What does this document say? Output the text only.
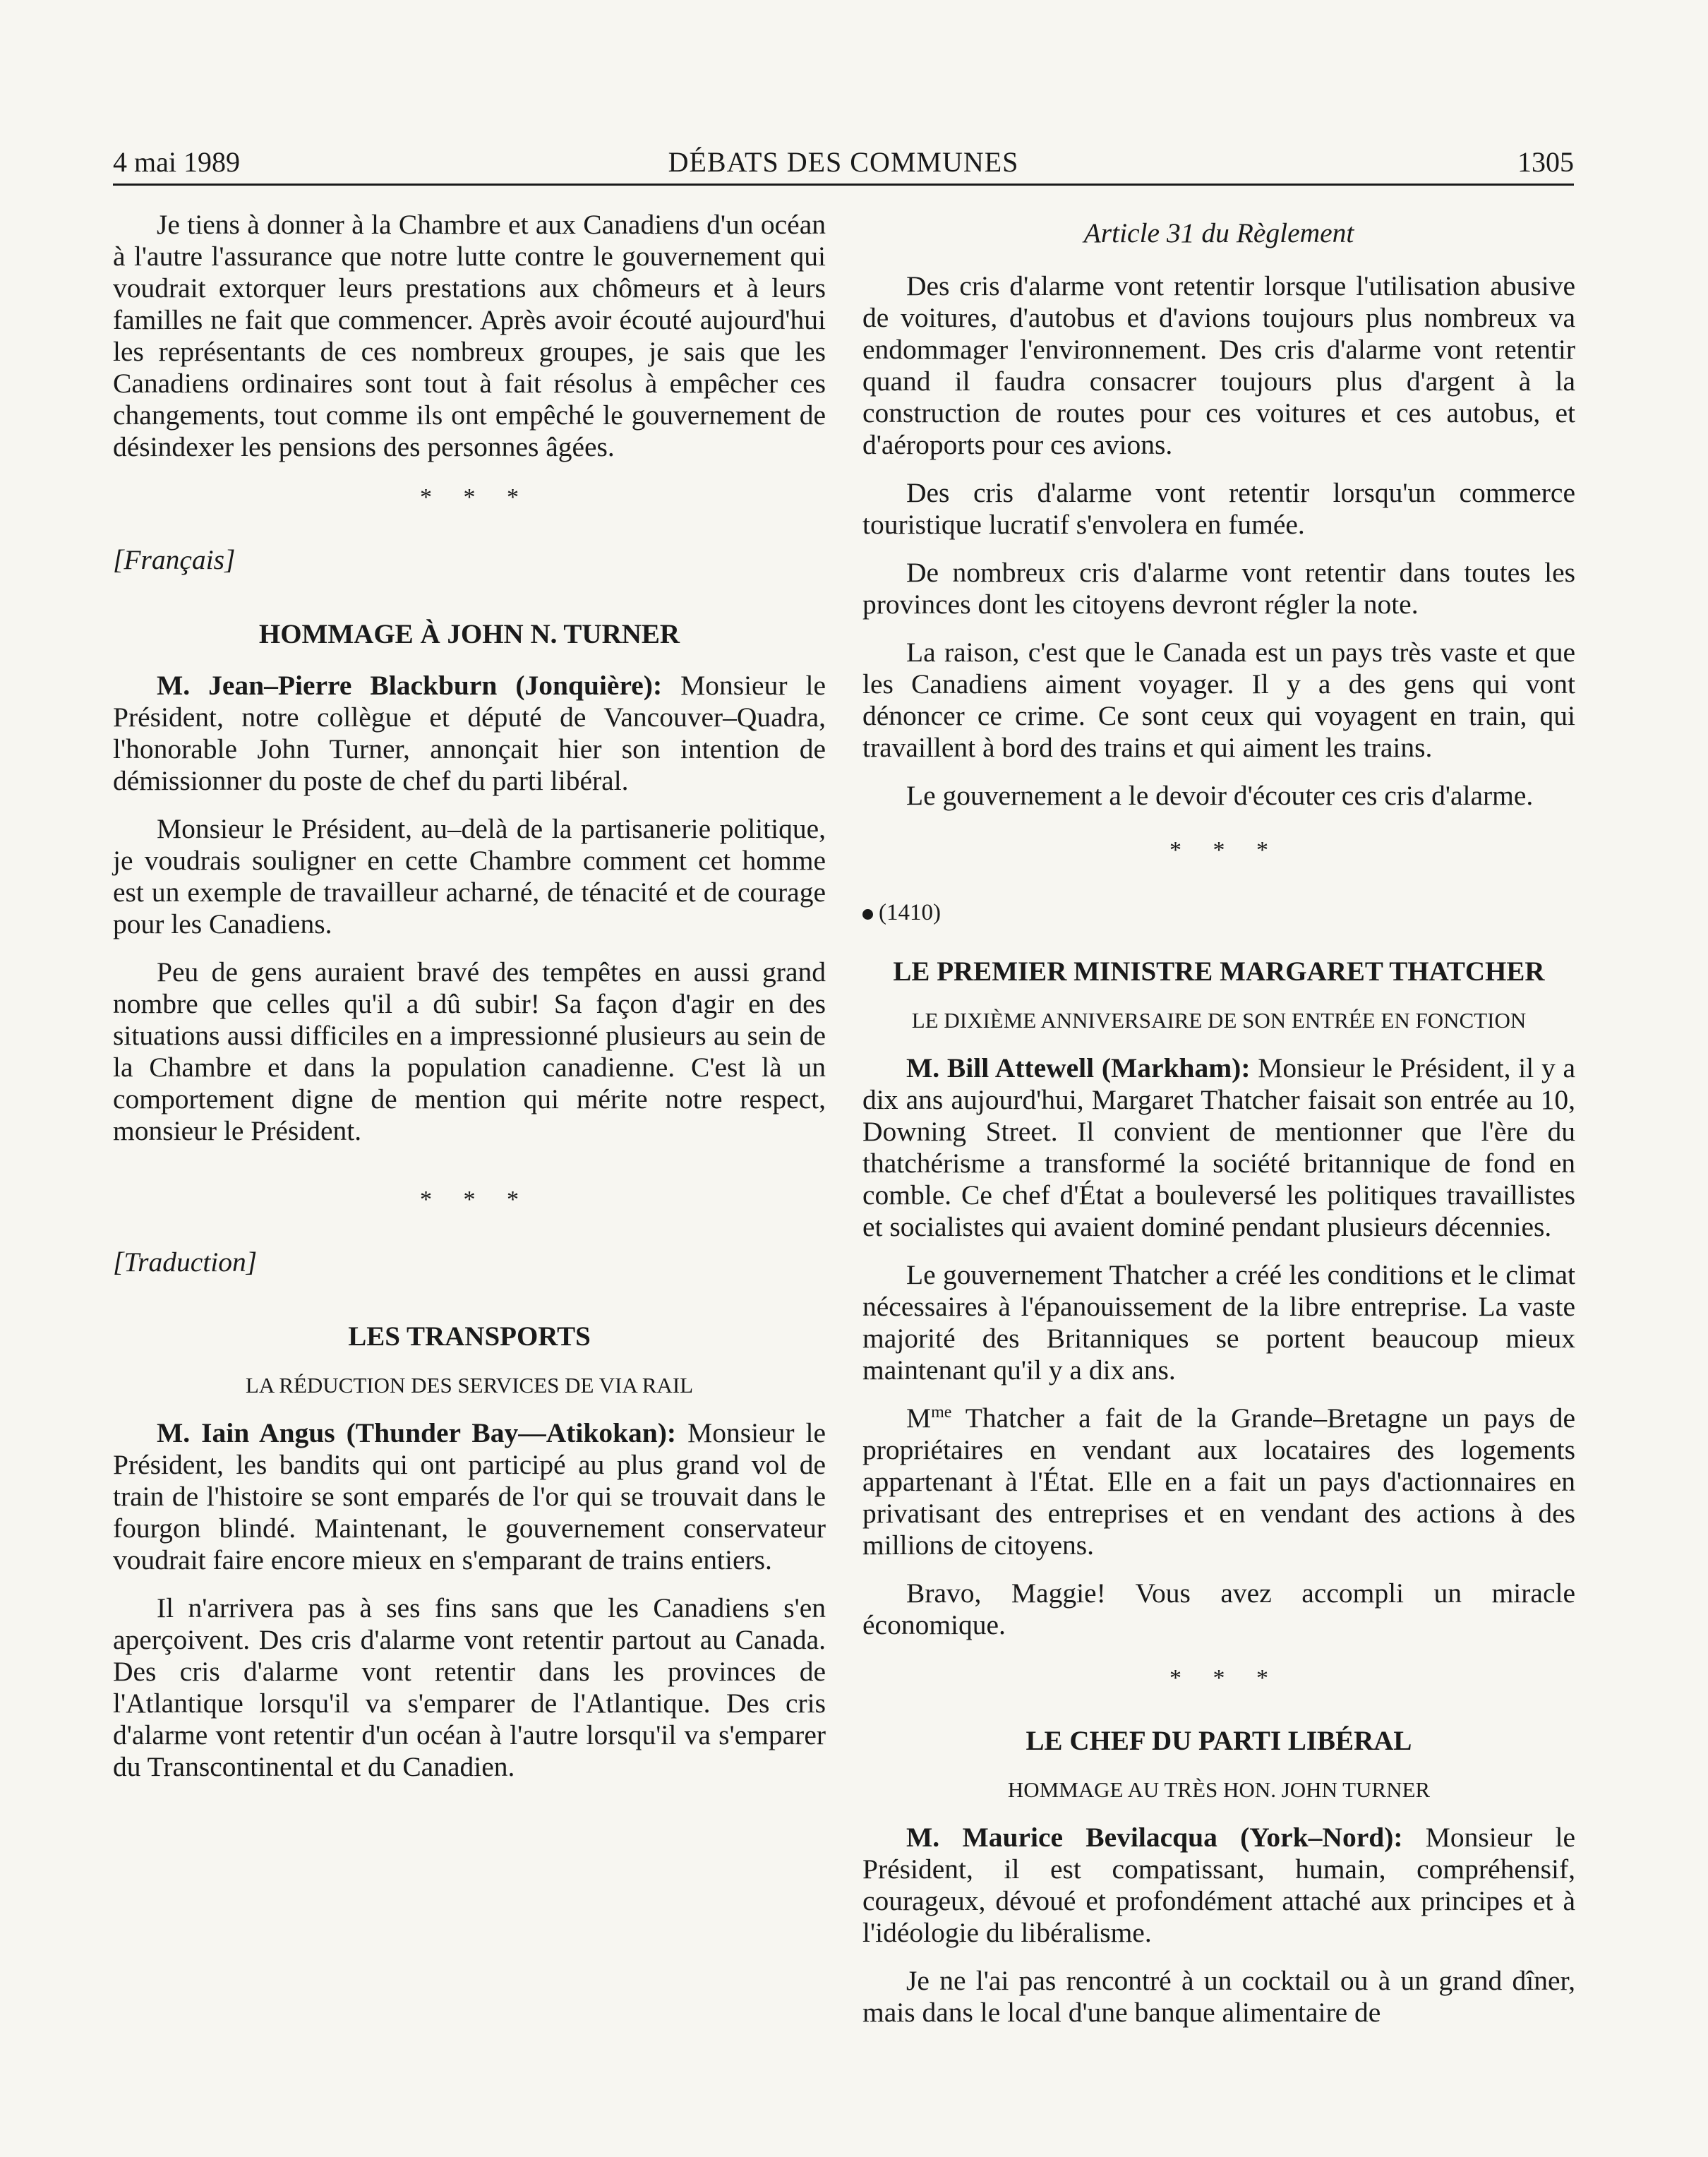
4 mai 1989	DÉBATS DES COMMUNES	1305

Je tiens à donner à la Chambre et aux Canadiens d'un océan à l'autre l'assurance que notre lutte contre le gouvernement qui voudrait extorquer leurs prestations aux chômeurs et à leurs familles ne fait que commencer. Après avoir écouté aujourd'hui les représentants de ces nombreux groupes, je sais que les Canadiens ordinaires sont tout à fait résolus à empêcher ces changements, tout comme ils ont empêché le gouvernement de désindexer les pensions des personnes âgées.

* * *

[Français]

HOMMAGE À JOHN N. TURNER

M. Jean–Pierre Blackburn (Jonquière): Monsieur le Président, notre collègue et député de Vancouver–Quadra, l'honorable John Turner, annonçait hier son intention de démissionner du poste de chef du parti libéral.

Monsieur le Président, au–delà de la partisanerie politique, je voudrais souligner en cette Chambre comment cet homme est un exemple de travailleur acharné, de ténacité et de courage pour les Canadiens.

Peu de gens auraient bravé des tempêtes en aussi grand nombre que celles qu'il a dû subir! Sa façon d'agir en des situations aussi difficiles en a impressionné plusieurs au sein de la Chambre et dans la population canadienne. C'est là un comportement digne de mention qui mérite notre respect, monsieur le Président.

* * *

[Traduction]

LES TRANSPORTS
LA RÉDUCTION DES SERVICES DE VIA RAIL

M. Iain Angus (Thunder Bay—Atikokan): Monsieur le Président, les bandits qui ont participé au plus grand vol de train de l'histoire se sont emparés de l'or qui se trouvait dans le fourgon blindé. Maintenant, le gouvernement conservateur voudrait faire encore mieux en s'emparant de trains entiers.

Il n'arrivera pas à ses fins sans que les Canadiens s'en aperçoivent. Des cris d'alarme vont retentir partout au Canada. Des cris d'alarme vont retentir dans les provinces de l'Atlantique lorsqu'il va s'emparer de l'Atlantique. Des cris d'alarme vont retentir d'un océan à l'autre lorsqu'il va s'emparer du Transcontinental et du Canadien.

Article 31 du Règlement

Des cris d'alarme vont retentir lorsque l'utilisation abusive de voitures, d'autobus et d'avions toujours plus nombreux va endommager l'environnement. Des cris d'alarme vont retentir quand il faudra consacrer toujours plus d'argent à la construction de routes pour ces voitures et ces autobus, et d'aéroports pour ces avions.

Des cris d'alarme vont retentir lorsqu'un commerce touristique lucratif s'envolera en fumée.

De nombreux cris d'alarme vont retentir dans toutes les provinces dont les citoyens devront régler la note.

La raison, c'est que le Canada est un pays très vaste et que les Canadiens aiment voyager. Il y a des gens qui vont dénoncer ce crime. Ce sont ceux qui voyagent en train, qui travaillent à bord des trains et qui aiment les trains.

Le gouvernement a le devoir d'écouter ces cris d'alarme.

* * *

(1410)

LE PREMIER MINISTRE MARGARET THATCHER
LE DIXIÈME ANNIVERSAIRE DE SON ENTRÉE EN FONCTION

M. Bill Attewell (Markham): Monsieur le Président, il y a dix ans aujourd'hui, Margaret Thatcher faisait son entrée au 10, Downing Street. Il convient de mentionner que l'ère du thatchérisme a transformé la société britannique de fond en comble. Ce chef d'État a bouleversé les politiques travaillistes et socialistes qui avaient dominé pendant plusieurs décennies.

Le gouvernement Thatcher a créé les conditions et le climat nécessaires à l'épanouissement de la libre entreprise. La vaste majorité des Britanniques se portent beaucoup mieux maintenant qu'il y a dix ans.

$M^{me}$ Thatcher a fait de la Grande–Bretagne un pays de propriétaires en vendant aux locataires des logements appartenant à l'État. Elle en a fait un pays d'actionnaires en privatisant des entreprises et en vendant des actions à des millions de citoyens.

Bravo, Maggie! Vous avez accompli un miracle économique.

* * *
LE CHEF DU PARTI LIBÉRAL
HOMMAGE AU TRÈS HON. JOHN TURNER

M. Maurice Bevilacqua (York–Nord): Monsieur le Président, il est compatissant, humain, compréhensif, courageux, dévoué et profondément attaché aux principes et à l'idéologie du libéralisme.

Je ne l'ai pas rencontré à un cocktail ou à un grand dîner, mais dans le local d'une banque alimentaire de
